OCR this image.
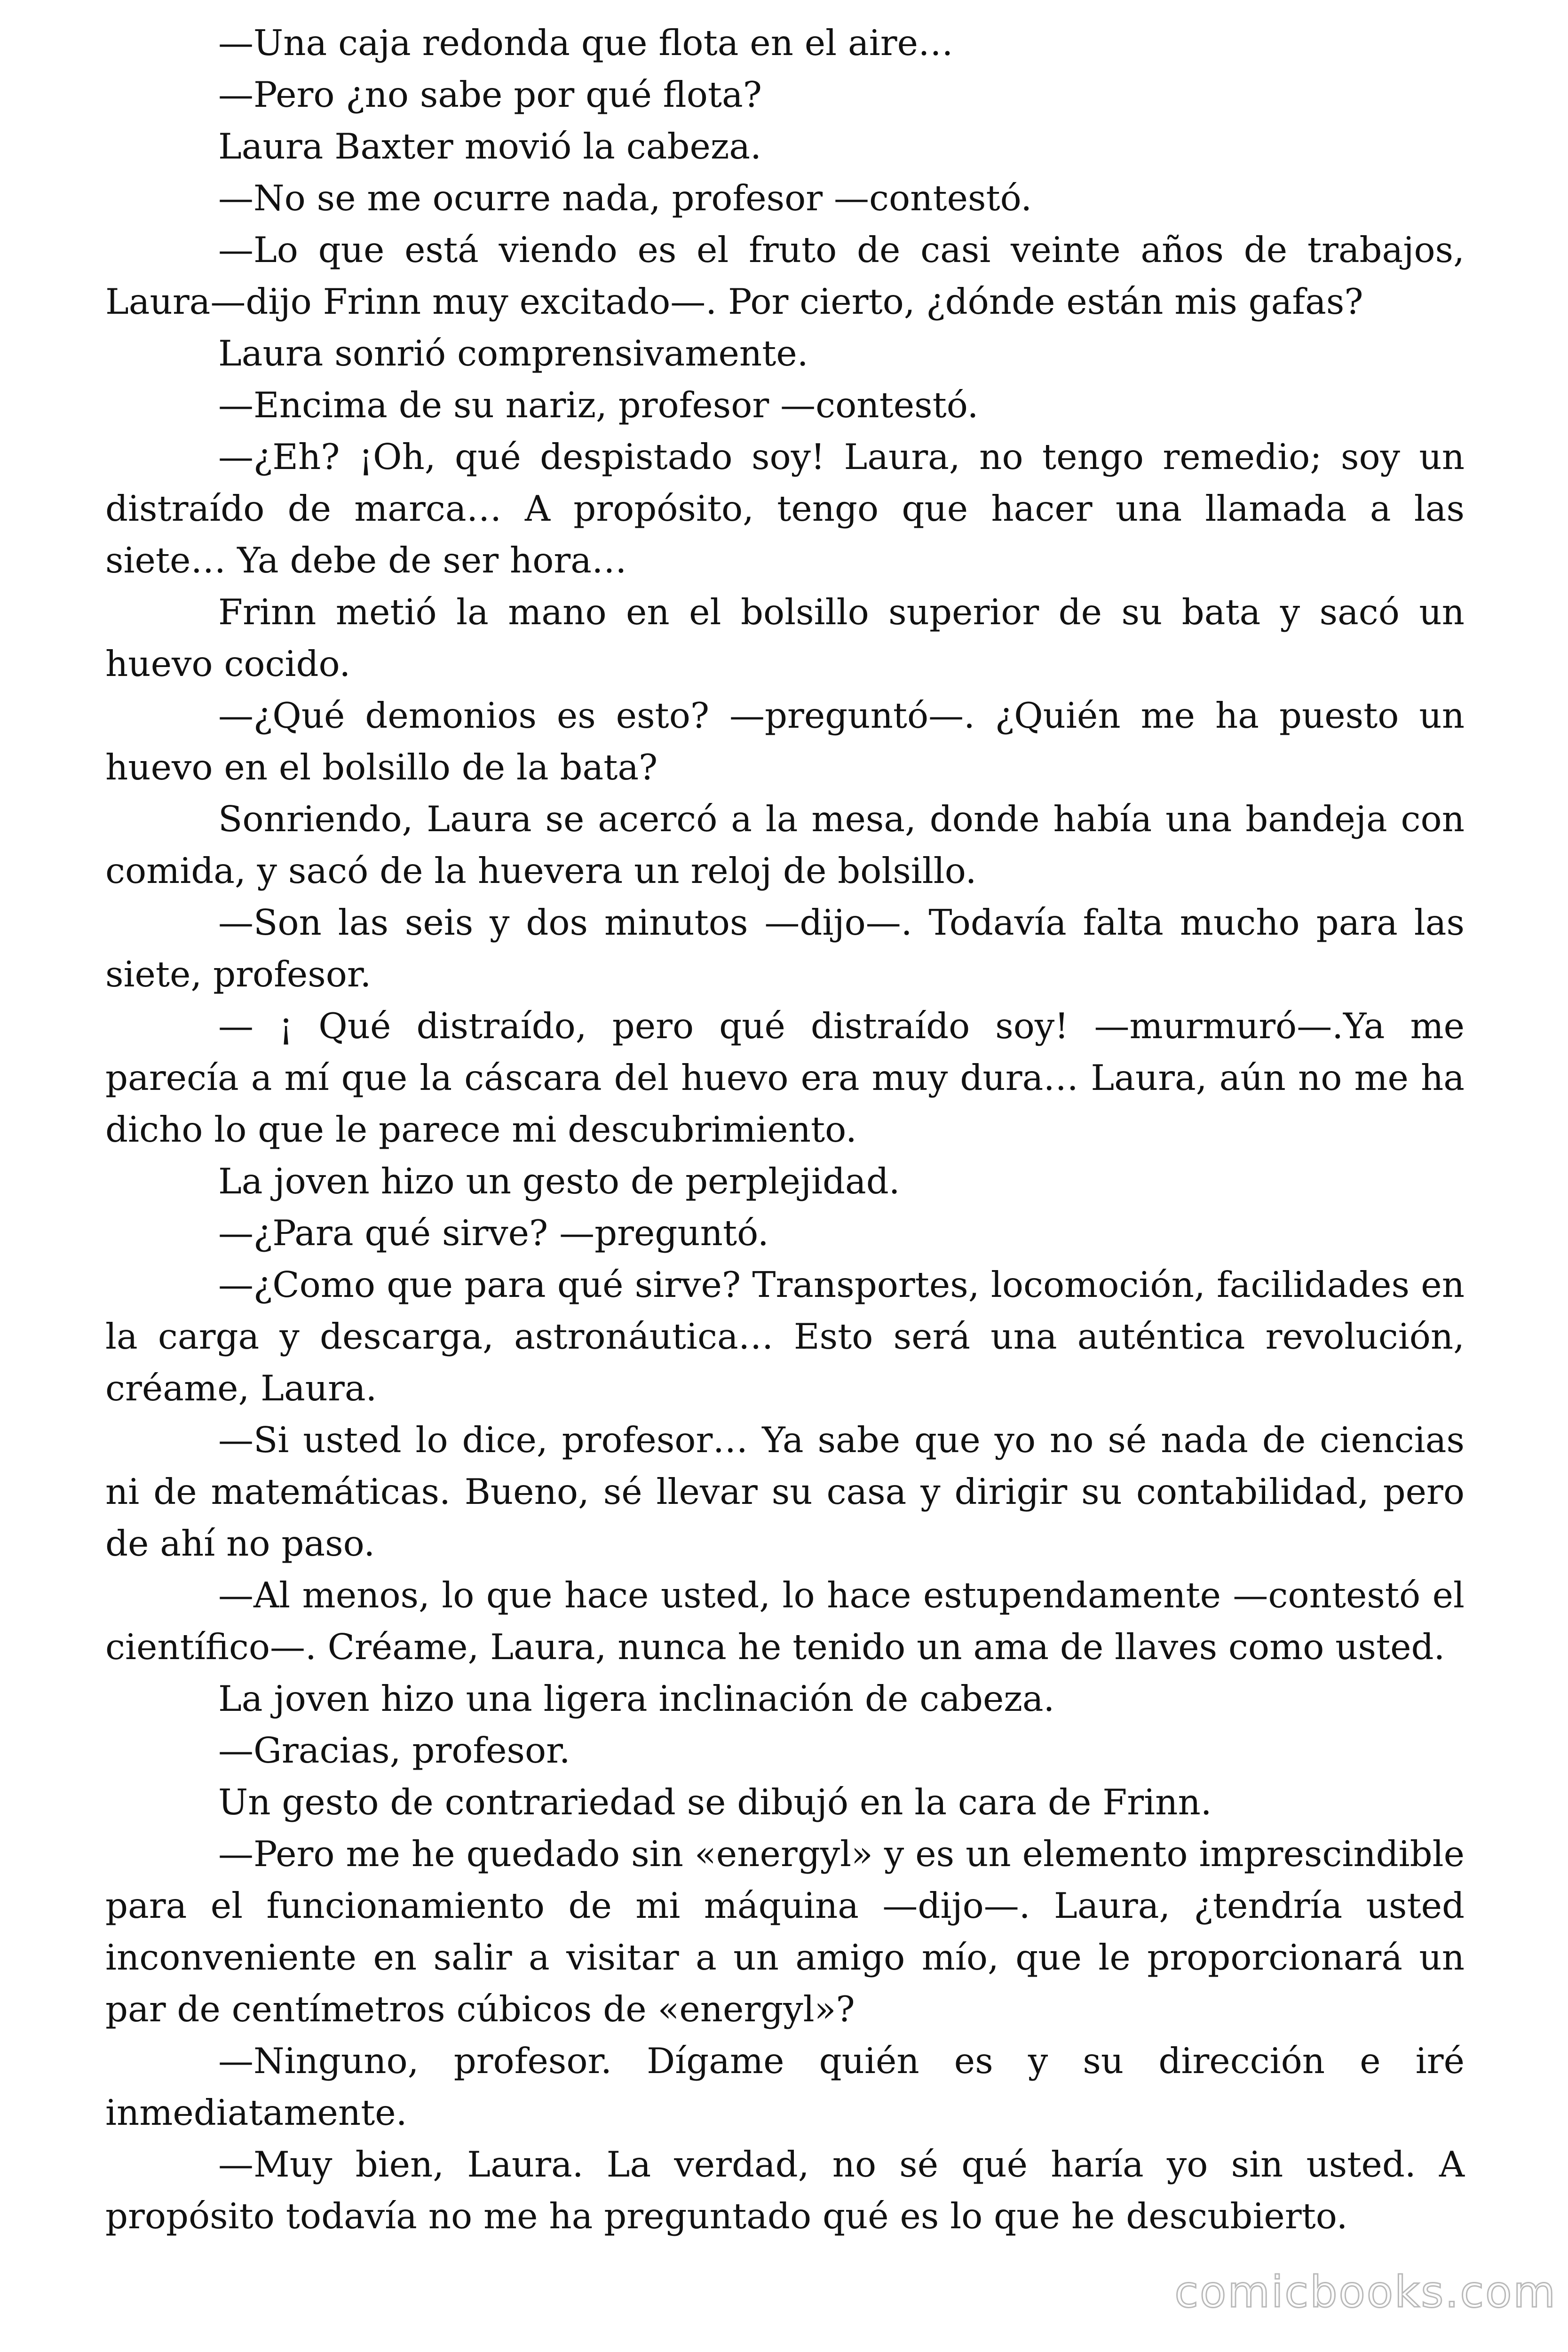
—Una caja redonda que flota en el aire…

—Pero ¿no sabe por qué flota?

Laura Baxter movió la cabeza.

—No se me ocurre nada, profesor —contestó.

—Lo que está viendo es el fruto de casi veinte años de trabajos, Laura—dijo Frinn muy excitado—. Por cierto, ¿dónde están mis gafas?

Laura sonrió comprensivamente.

—Encima de su nariz, profesor —contestó.

—¿Eh? ¡Oh, qué despistado soy! Laura, no tengo remedio; soy un distraído de marca… A propósito, tengo que hacer una llamada a las siete… Ya debe de ser hora…

Frinn metió la mano en el bolsillo superior de su bata y sacó un huevo cocido.

—¿Qué demonios es esto? —preguntó—. ¿Quién me ha puesto un huevo en el bolsillo de la bata?

Sonriendo, Laura se acercó a la mesa, donde había una bandeja con comida, y sacó de la huevera un reloj de bolsillo.

—Son las seis y dos minutos —dijo—. Todavía falta mucho para las siete, profesor.

— ¡ Qué distraído, pero qué distraído soy! —murmuró—.Ya me parecía a mí que la cáscara del huevo era muy dura… Laura, aún no me ha dicho lo que le parece mi descubrimiento.

La joven hizo un gesto de perplejidad.

—¿Para qué sirve? —preguntó.

—¿Como que para qué sirve? Transportes, locomoción, facilidades en la carga y descarga, astronáutica… Esto será una auténtica revolución, créame, Laura.

—Si usted lo dice, profesor… Ya sabe que yo no sé nada de ciencias ni de matemáticas. Bueno, sé llevar su casa y dirigir su contabilidad, pero de ahí no paso.

—Al menos, lo que hace usted, lo hace estupendamente —contestó el científico—. Créame, Laura, nunca he tenido un ama de llaves como usted.

La joven hizo una ligera inclinación de cabeza.

—Gracias, profesor.

Un gesto de contrariedad se dibujó en la cara de Frinn.

—Pero me he quedado sin «energyl» y es un elemento imprescindible para el funcionamiento de mi máquina —dijo—. Laura, ¿tendría usted inconveniente en salir a visitar a un amigo mío, que le proporcionará un par de centímetros cúbicos de «energyl»?

—Ninguno, profesor. Dígame quién es y su dirección e iré inmediatamente.

—Muy bien, Laura. La verdad, no sé qué haría yo sin usted. A propósito todavía no me ha preguntado qué es lo que he descubierto.

comicbooks.com
